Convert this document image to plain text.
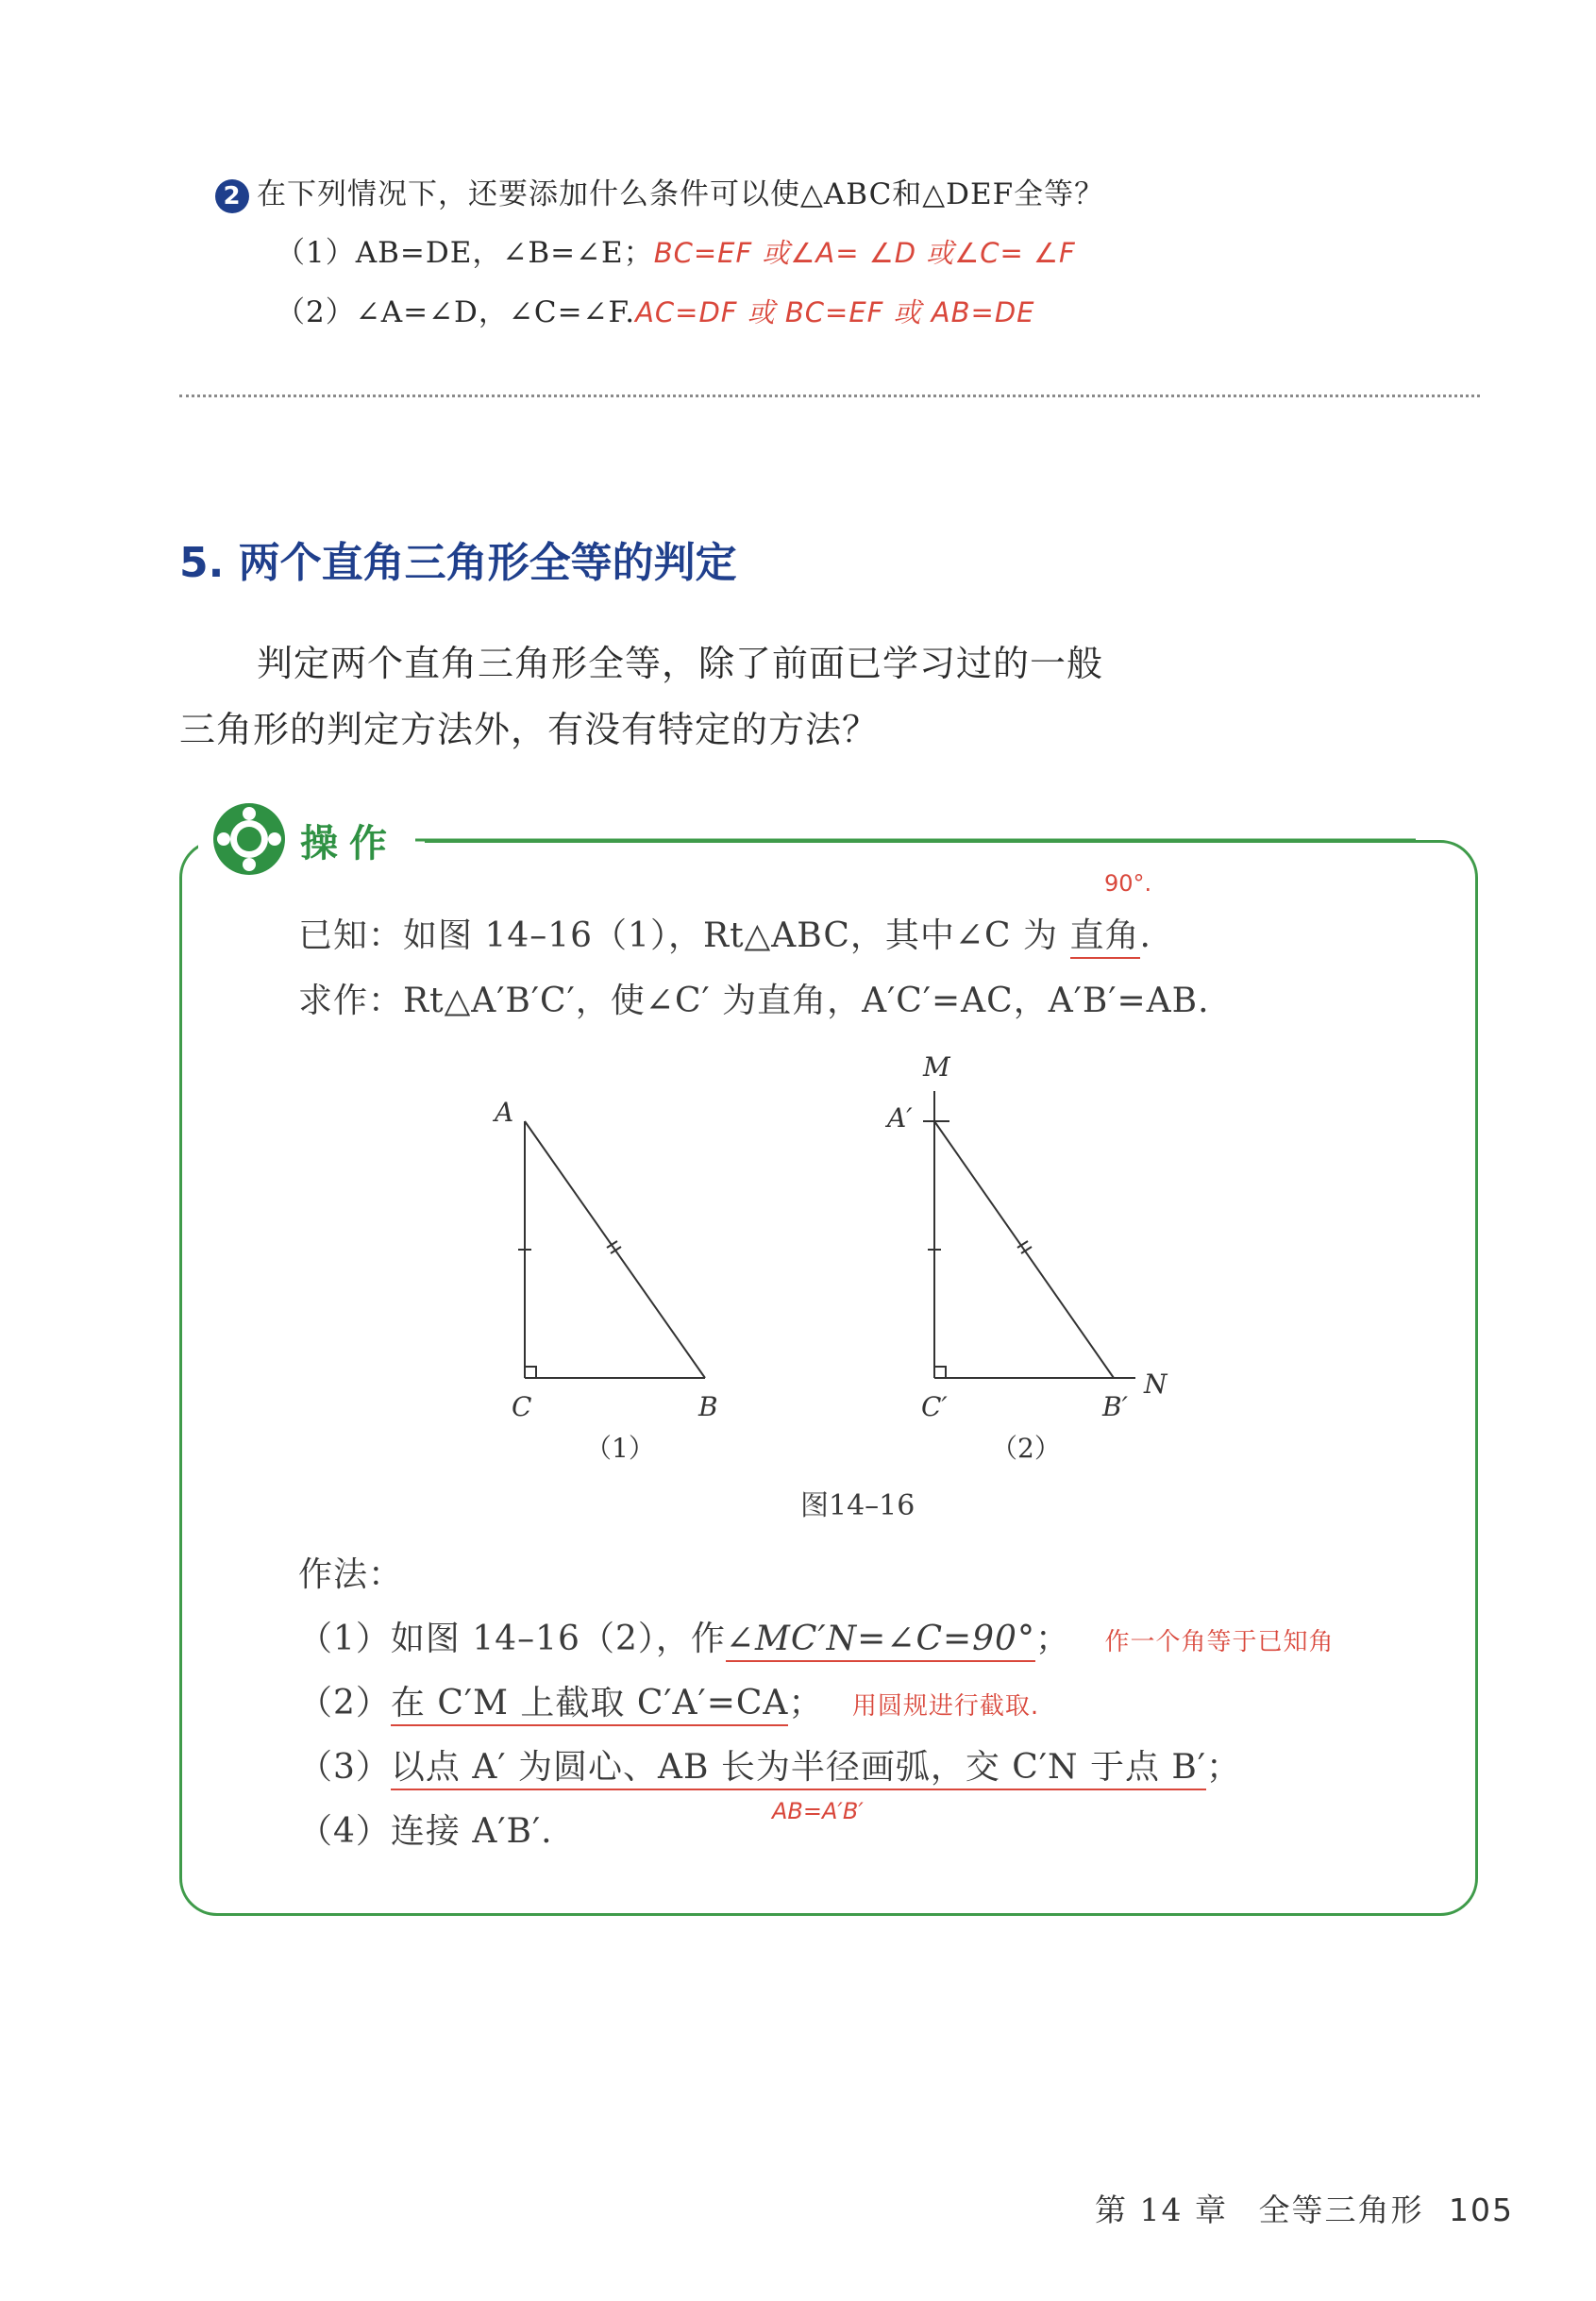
2 在下列情况下，还要添加什么条件可以使△ABC和△DEF全等？
（1）AB=DE，∠B=∠E；BC=EF 或∠A= ∠D 或∠C= ∠F
（2）∠A=∠D，∠C=∠F.AC=DF 或 BC=EF 或 AB=DE
5. 两个直角三角形全等的判定
判定两个直角三角形全等，除了前面已学习过的一般
三角形的判定方法外，有没有特定的方法？
操作
90°.
已知：如图 14–16（1），Rt△ABC，其中∠C 为 直角.
求作：Rt△A′B′C′，使∠C′ 为直角，A′C′=AC，A′B′=AB.
A
C	B
M
A′
C′	B′
N
（1）	（2）
图14–16
作法：
（1）如图 14–16（2），作∠MC′N=∠C=90°； 作一个角等于已知角
（2）在 C′M 上截取 C′A′=CA； 用圆规进行截取.
（3）以点 A′ 为圆心、AB 长为半径画弧，交 C′N 于点 B′；
AB=A′B′
（4）连接 A′B′.
第 14 章 全等三角形 105
